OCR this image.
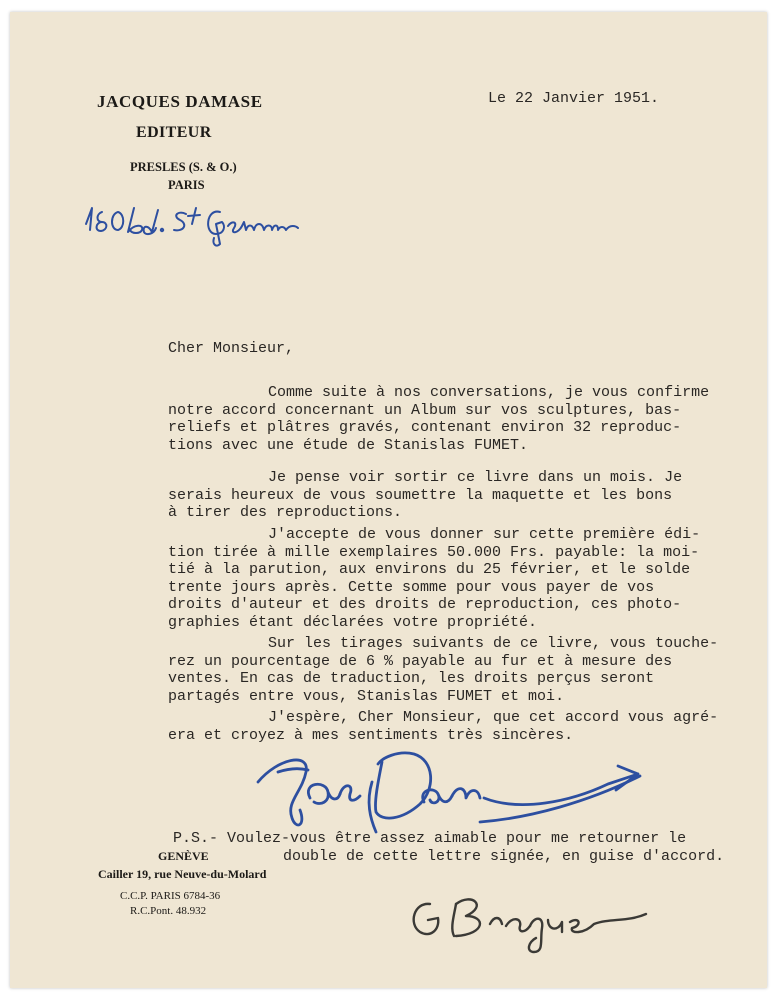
JACQUES DAMASE

EDITEUR

PRESLES (S. & O.)

PARIS

Le 22 Janvier 1951.

Cher Monsieur,

Comme suite à nos conversations, je vous confirme
notre accord concernant un Album sur vos sculptures, bas-
reliefs et plâtres gravés, contenant environ 32 reproduc-
tions avec une étude de Stanislas FUMET.
Je pense voir sortir ce livre dans un mois. Je
serais heureux de vous soumettre la maquette et les bons
à tirer des reproductions.
J'accepte de vous donner sur cette première édi-
tion tirée à mille exemplaires 50.000 Frs. payable: la moi-
tié à la parution, aux environs du 25 février, et le solde
trente jours après. Cette somme pour vous payer de vos
droits d'auteur et des droits de reproduction, ces photo-
graphies étant déclarées votre propriété.
Sur les tirages suivants de ce livre, vous touche-
rez un pourcentage de 6 % payable au fur et à mesure des
ventes. En cas de traduction, les droits perçus seront
partagés entre vous, Stanislas FUMET et moi.
J'espère, Cher Monsieur, que cet accord vous agré-
era et croyez à mes sentiments très sincères.
P.S.- Voulez-vous être assez aimable pour me retourner le
double de cette lettre signée, en guise d'accord.

GENÈVE

Cailler 19, rue Neuve-du-Molard

C.C.P. PARIS 6784-36

R.C.Pont. 48.932
